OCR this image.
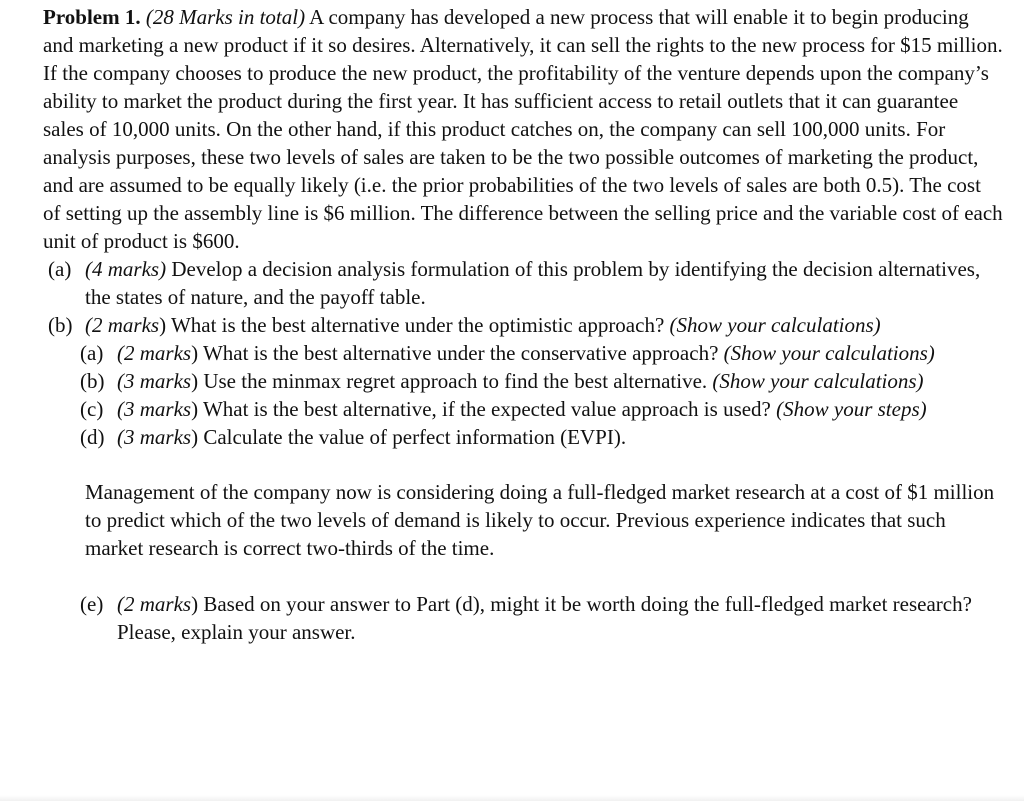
Problem 1. (28 Marks in total) A company has developed a new process that will enable it to begin producing and marketing a new product if it so desires. Alternatively, it can sell the rights to the new process for $15 million. If the company chooses to produce the new product, the profitability of the venture depends upon the company’s ability to market the product during the first year. It has sufficient access to retail outlets that it can guarantee sales of 10,000 units. On the other hand, if this product catches on, the company can sell 100,000 units. For analysis purposes, these two levels of sales are taken to be the two possible outcomes of marketing the product, and are assumed to be equally likely (i.e. the prior probabilities of the two levels of sales are both 0.5). The cost of setting up the assembly line is $6 million. The difference between the selling price and the variable cost of each unit of product is $600.

(a) (4 marks) Develop a decision analysis formulation of this problem by identifying the decision alternatives, the states of nature, and the payoff table.
(b) (2 marks) What is the best alternative under the optimistic approach? (Show your calculations)
(a) (2 marks) What is the best alternative under the conservative approach? (Show your calculations)
(b) (3 marks) Use the minmax regret approach to find the best alternative. (Show your calculations)
(c) (3 marks) What is the best alternative, if the expected value approach is used? (Show your steps)
(d) (3 marks) Calculate the value of perfect information (EVPI).

Management of the company now is considering doing a full-fledged market research at a cost of $1 million to predict which of the two levels of demand is likely to occur. Previous experience indicates that such market research is correct two-thirds of the time.

(e) (2 marks) Based on your answer to Part (d), might it be worth doing the full-fledged market research? Please, explain your answer.
